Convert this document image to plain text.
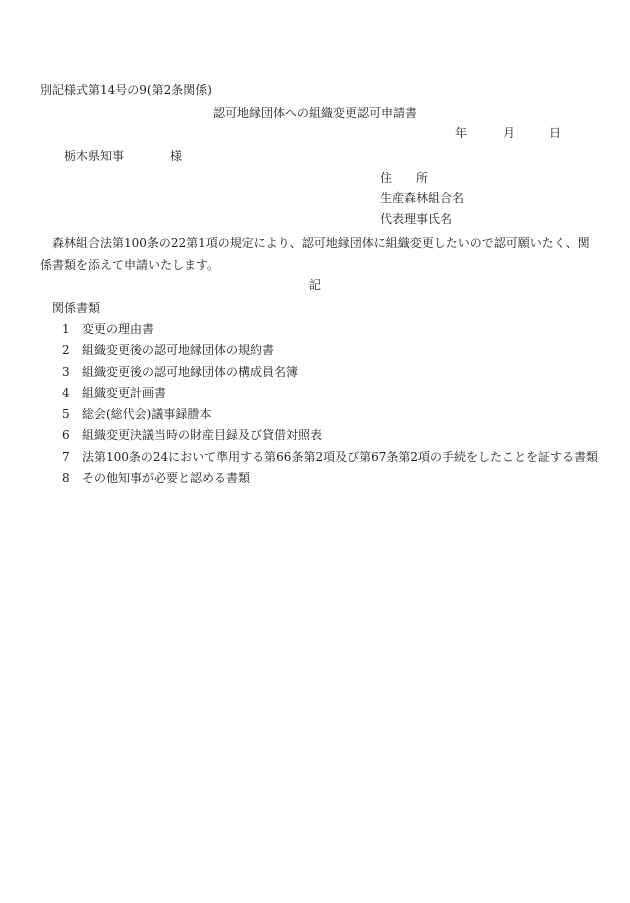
別記様式第14号の9(第2条関係)
認可地縁団体への組織変更認可申請書
年	月	日
栃木県知事	様
住 所
生産森林組合名
代表理事氏名
森林組合法第100条の22第1項の規定により、認可地縁団体に組織変更したいので認可願いたく、関係書類を添えて申請いたします。
記
関係書類
1	変更の理由書
2	組織変更後の認可地縁団体の規約書
3	組織変更後の認可地縁団体の構成員名簿
4	組織変更計画書
5	総会(総代会)議事録謄本
6	組織変更決議当時の財産目録及び貸借対照表
7	法第100条の24において準用する第66条第2項及び第67条第2項の手続をしたことを証する書類
8	その他知事が必要と認める書類
